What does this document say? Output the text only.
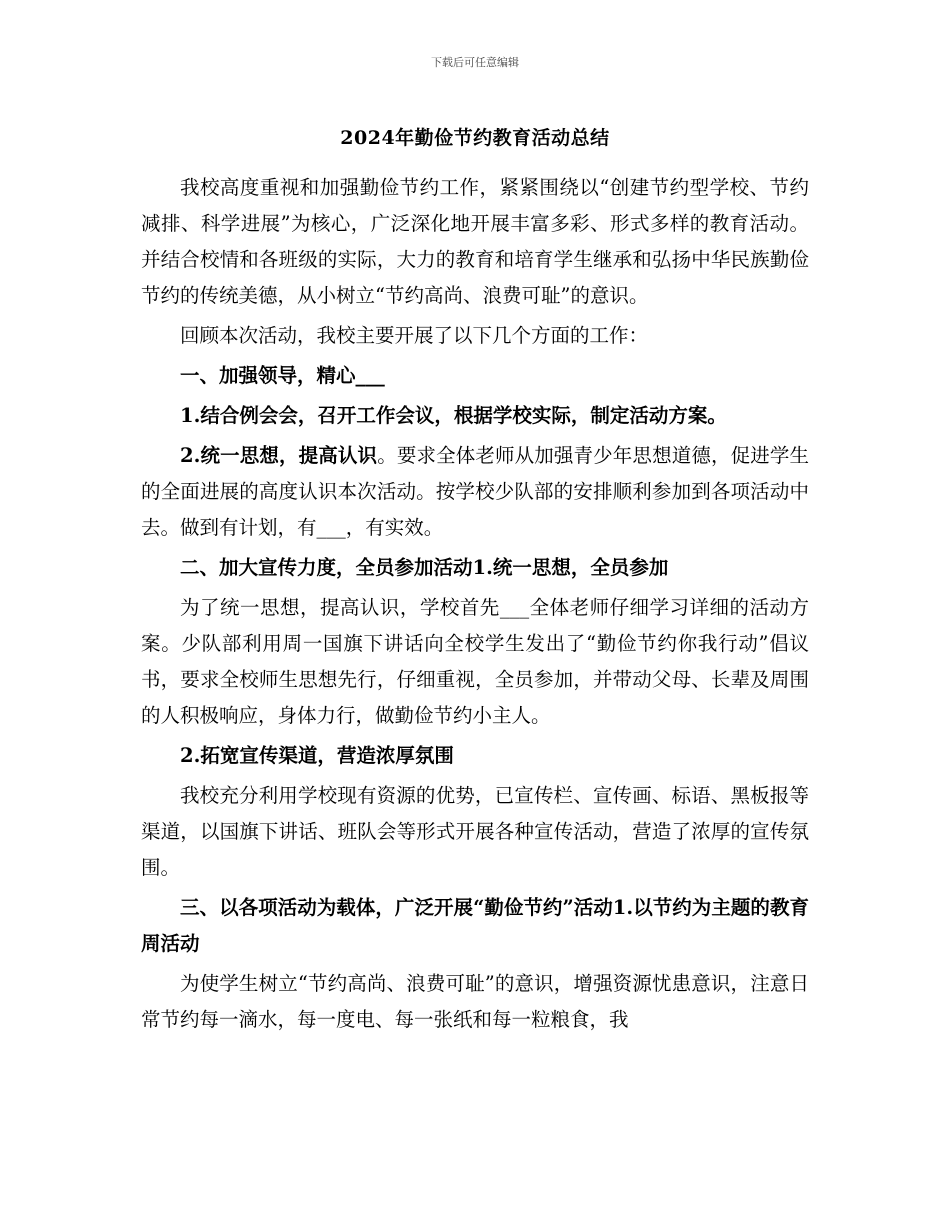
下载后可任意编辑
2024年勤俭节约教育活动总结

我校高度重视和加强勤俭节约工作，紧紧围绕以“创建节约型学校、节约减排、科学进展”为核心，广泛深化地开展丰富多彩、形式多样的教育活动。并结合校情和各班级的实际，大力的教育和培育学生继承和弘扬中华民族勤俭节约的传统美德，从小树立“节约高尚、浪费可耻”的意识。

回顾本次活动，我校主要开展了以下几个方面的工作：

一、加强领导，精心___

1.结合例会会，召开工作会议，根据学校实际，制定活动方案。

2.统一思想，提高认识。要求全体老师从加强青少年思想道德，促进学生的全面进展的高度认识本次活动。按学校少队部的安排顺利参加到各项活动中去。做到有计划，有___，有实效。

二、加大宣传力度，全员参加活动1.统一思想，全员参加

为了统一思想，提高认识，学校首先___全体老师仔细学习详细的活动方案。少队部利用周一国旗下讲话向全校学生发出了“勤俭节约你我行动”倡议书，要求全校师生思想先行，仔细重视，全员参加，并带动父母、长辈及周围的人积极响应，身体力行，做勤俭节约小主人。

2.拓宽宣传渠道，营造浓厚氛围

我校充分利用学校现有资源的优势，已宣传栏、宣传画、标语、黑板报等渠道，以国旗下讲话、班队会等形式开展各种宣传活动，营造了浓厚的宣传氛围。

三、以各项活动为载体，广泛开展“勤俭节约”活动1.以节约为主题的教育周活动

为使学生树立“节约高尚、浪费可耻”的意识，增强资源忧患意识，注意日常节约每一滴水，每一度电、每一张纸和每一粒粮食，我
